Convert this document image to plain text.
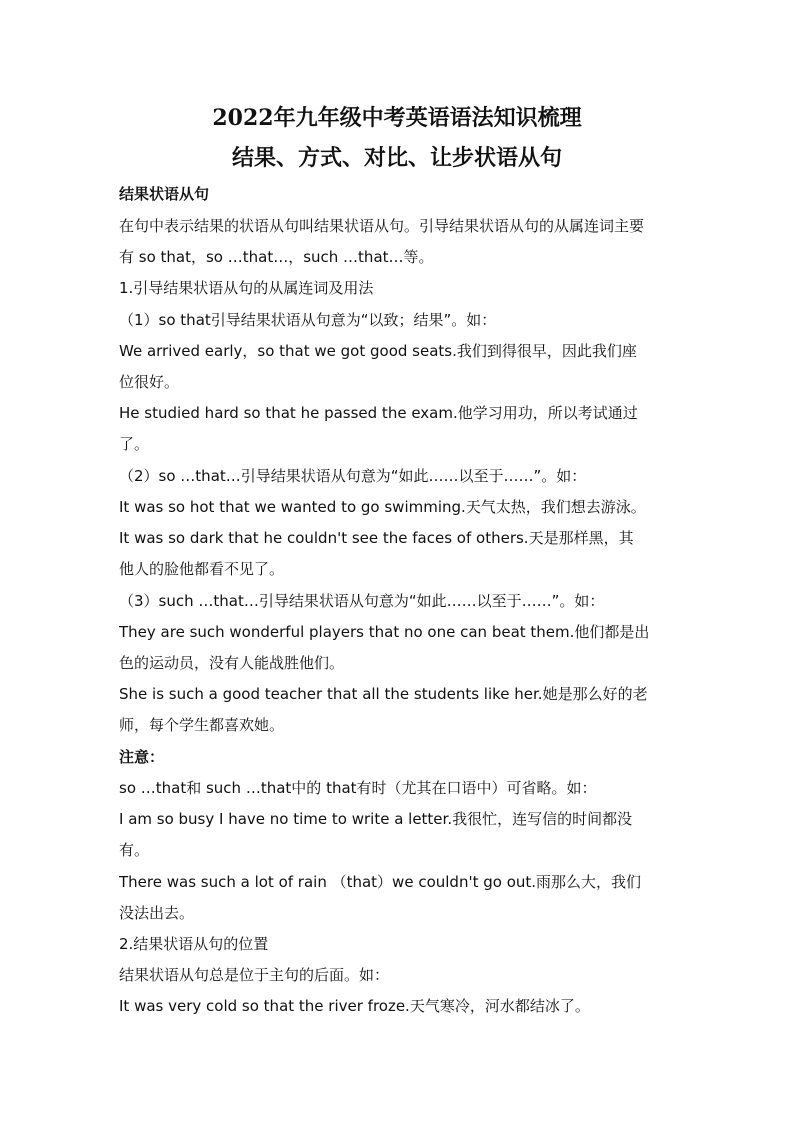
2022年九年级中考英语语法知识梳理
结果、方式、对比、让步状语从句
结果状语从句
在句中表示结果的状语从句叫结果状语从句。引导结果状语从句的从属连词主要
有 so that，so …that…，such …that…等。
1.引导结果状语从句的从属连词及用法
（1）so that引导结果状语从句意为“以致；结果”。如：
We arrived early，so that we got good seats.我们到得很早，因此我们座
位很好。
He studied hard so that he passed the exam.他学习用功，所以考试通过
了。
（2）so …that…引导结果状语从句意为“如此……以至于……”。如：
It was so hot that we wanted to go swimming.天气太热，我们想去游泳。
It was so dark that he couldn't see the faces of others.天是那样黑，其
他人的脸他都看不见了。
（3）such …that…引导结果状语从句意为“如此……以至于……”。如：
They are such wonderful players that no one can beat them.他们都是出
色的运动员，没有人能战胜他们。
She is such a good teacher that all the students like her.她是那么好的老
师，每个学生都喜欢她。
注意：
so …that和 such …that中的 that有时（尤其在口语中）可省略。如：
I am so busy I have no time to write a letter.我很忙，连写信的时间都没
有。
There was such a lot of rain （that）we couldn't go out.雨那么大，我们
没法出去。
2.结果状语从句的位置
结果状语从句总是位于主句的后面。如：
It was very cold so that the river froze.天气寒冷，河水都结冰了。
